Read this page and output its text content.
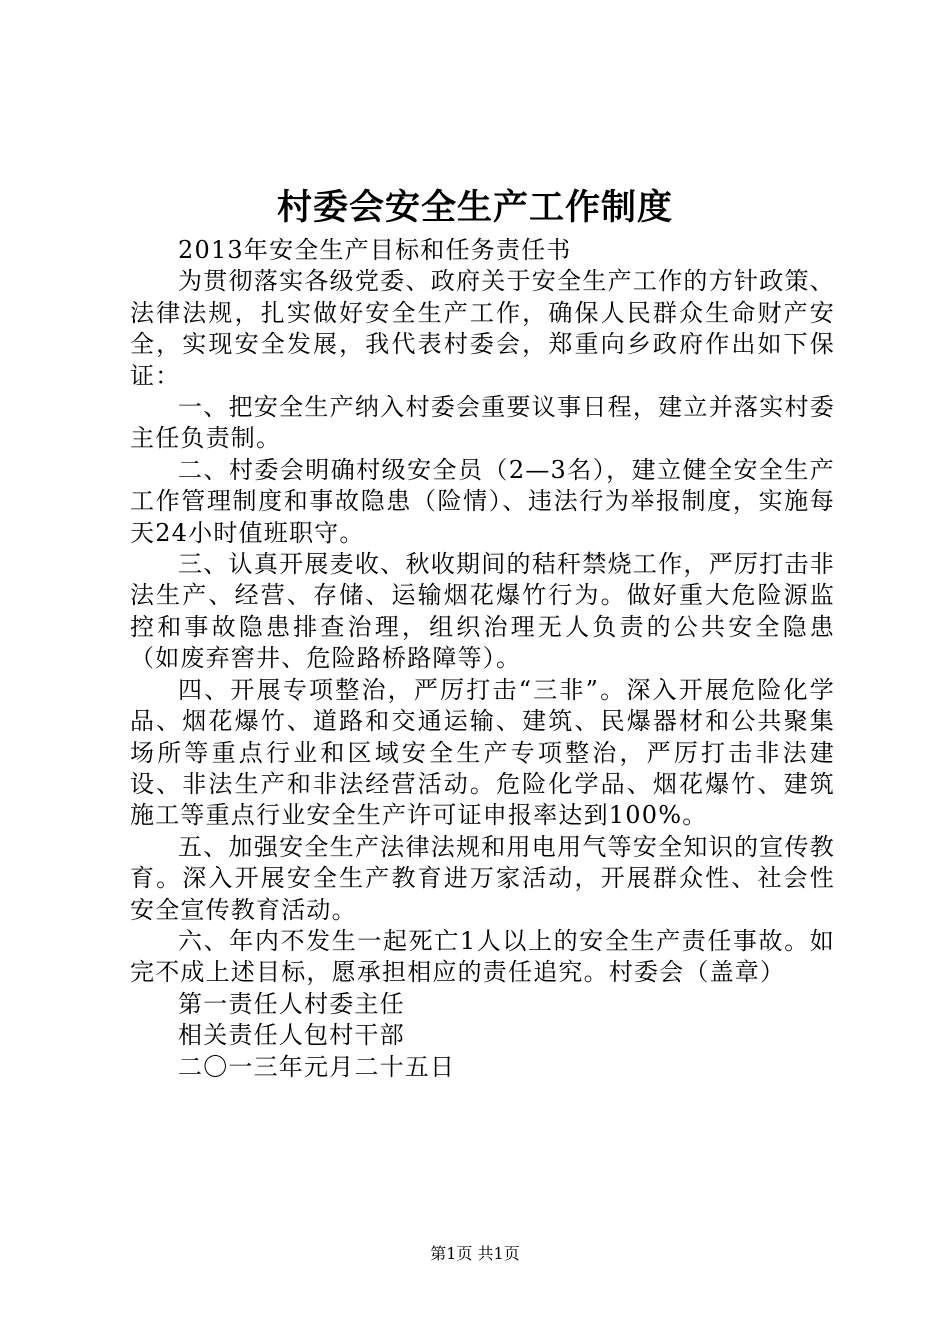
村委会安全生产工作制度

2013年安全生产目标和任务责任书

为贯彻落实各级党委、政府关于安全生产工作的方针政策、法律法规，扎实做好安全生产工作，确保人民群众生命财产安全，实现安全发展，我代表村委会，郑重向乡政府作出如下保证：

一、把安全生产纳入村委会重要议事日程，建立并落实村委主任负责制。

二、村委会明确村级安全员（2—3名），建立健全安全生产工作管理制度和事故隐患（险情）、违法行为举报制度，实施每天24小时值班职守。

三、认真开展麦收、秋收期间的秸秆禁烧工作，严厉打击非法生产、经营、存储、运输烟花爆竹行为。做好重大危险源监控和事故隐患排查治理，组织治理无人负责的公共安全隐患（如废弃窖井、危险路桥路障等）。

四、开展专项整治，严厉打击“三非”。深入开展危险化学品、烟花爆竹、道路和交通运输、建筑、民爆器材和公共聚集场所等重点行业和区域安全生产专项整治，严厉打击非法建设、非法生产和非法经营活动。危险化学品、烟花爆竹、建筑施工等重点行业安全生产许可证申报率达到100%。

五、加强安全生产法律法规和用电用气等安全知识的宣传教育。深入开展安全生产教育进万家活动，开展群众性、社会性安全宣传教育活动。

六、年内不发生一起死亡1人以上的安全生产责任事故。如完不成上述目标，愿承担相应的责任追究。村委会（盖章）

第一责任人村委主任

相关责任人包村干部

二〇一三年元月二十五日

第1页 共1页
